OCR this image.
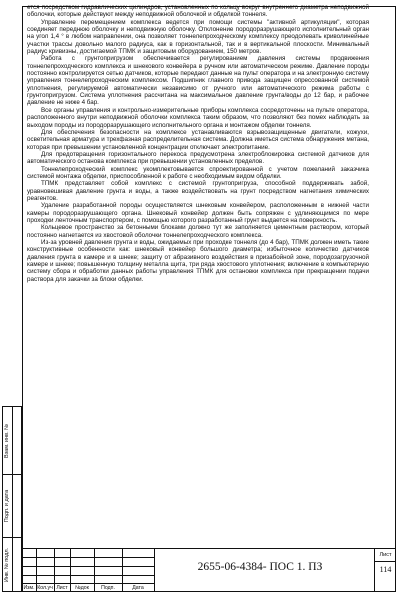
ется посредством гидравлических цилиндров, установленных по кольцу вокруг внутреннего диаметра неподвижной оболочки, которые действуют между неподвижной оболочкой и обделкой тоннеля.

Управление перемещением комплекса ведется при помощи системы "активной артикуляции", которая соединяет переднюю оболочку и неподвижную оболочку. Отклонение породоразрушающего исполнительный орган на угол 1,4 ° в любом направлении, она позволяет тоннелепроходческому комплексу преодолевать криволинейные участки трассы довольно малого радиуса, как в горизонтальной, так и в вертикальной плоскости. Минимальный радиус кривизны, достигаемой ТПМК и защитовым оборудованием, 150 метров.

Работа с грунтопригрузом обеспечивается регулированием давления системы продвижения тоннелепроходческого комплекса и шнекового конвейера в ручном или автоматическом режиме. Давление породы постоянно контролируется сетью датчиков, которые передают данные на пульт оператора и на электронную систему управления тоннелепроходческим комплексом. Подшипник главного привода защищен опрессованной системой уплотнения, регулируемой автоматически независимо от ручного или автоматического режима работы с грунтопригрузом. Система уплотнения рассчитана на максимальное давление грунта/воды до 12 бар, и рабочее давление не ниже 4 бар.

Все органы управления и контрольно-измерительные приборы комплекса сосредоточены на пульте оператора, расположенного внутри неподвижной оболочки комплекса таким образом, что позволяют без помех наблюдать за выходом породы из породоразрушающего исполнительного органа и монтажом обделки тоннеля.

Для обеспечения безопасности на комплексе устанавливаются взрывозащищенные двигатели, кожухи, осветительная арматура и трехфазная распределительная система. Должна иметься система обнаружения метана, которая при превышении установленной концентрации отключает электропитание.

Для предотвращения горизонтального перекоса предусмотрена электроблокировка системой датчиков для автоматического останова комплекса при превышении установленных пределов.

Тоннелепроходческий комплекс укомплектовывается спроектированной с учетом пожеланий заказчика системой монтажа обделки, приспособленной к работе с необходимым видом обделки.

ТПМК представляет собой комплекс с системой грунтопригруза, способной поддерживать забой, уравновешивая давление грунта и воды, а также воздействовать на грунт посредством нагнетания химических реагентов.

Удаление разработанной породы осуществляется шнековым конвейером, расположенным в нижней части камеры породоразрушающего органа. Шнековый конвейер должен быть сопряжен с удлиняющимся по мере проходки ленточным транспортером, с помощью которого разработанный грунт выдается на поверхность.

Кольцевое пространство за бетонными блоками должно тут же заполняется цементным раствором, который постоянно нагнетается из хвостовой оболочки тоннелепроходческого комплекса.

Из-за уровней давления грунта и воды, ожидаемых при проходке тоннеля (до 4 бар), ТПМК должен иметь такие конструктивные особенности как: шнековый конвейер большого диаметра; избыточное количество датчиков давления грунта в камере и в шнеке; защиту от абразивного воздействия в призабойной зоне, породозагрузочной камере и шнеке; повышенную толщину металла щита, три ряда хвостового уплотнения; включение в компьютерную систему сбора и обработки данных работы управления ТПМК для остановки комплекса при прекращении подачи раствора для закачки за блоки обделки.

Взам. инв. №
Подп. и дата
Инв. № подл.
Изм. Кол.уч Лист	№док	Подп.	Дата
2655-06-4384- ПОС 1. ПЗ
Лист
114
